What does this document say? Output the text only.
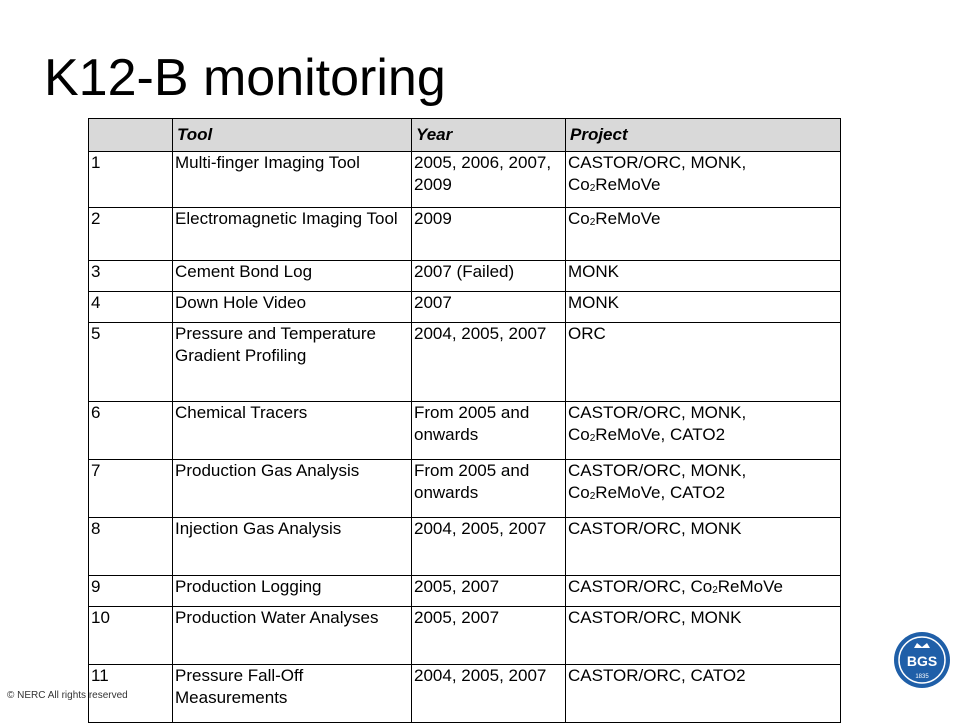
K12-B monitoring
	Tool	Year	Project
1	Multi-finger Imaging Tool	2005, 2006, 2007, 2009	CASTOR/ORC, MONK, $Co_2ReMoVe$
2	Electromagnetic Imaging Tool	2009	$Co_2ReMoVe$
3	Cement Bond Log	2007 (Failed)	MONK
4	Down Hole Video	2007	MONK
5	Pressure and Temperature Gradient Profiling	2004, 2005, 2007	ORC
6	Chemical Tracers	From 2005 and onwards	CASTOR/ORC, MONK, $Co_2ReMoVe$, CATO2
7	Production Gas Analysis	From 2005 and onwards	CASTOR/ORC, MONK, $Co_2ReMoVe$, CATO2
8	Injection Gas Analysis	2004, 2005, 2007	CASTOR/ORC, MONK
9	Production Logging	2005, 2007	CASTOR/ORC, $Co_2ReMoVe$
10	Production Water Analyses	2005, 2007	CASTOR/ORC, MONK
11	Pressure Fall-Off Measurements	2004, 2005, 2007	CASTOR/ORC, CATO2
© NERC All rights reserved
BGS
1835
